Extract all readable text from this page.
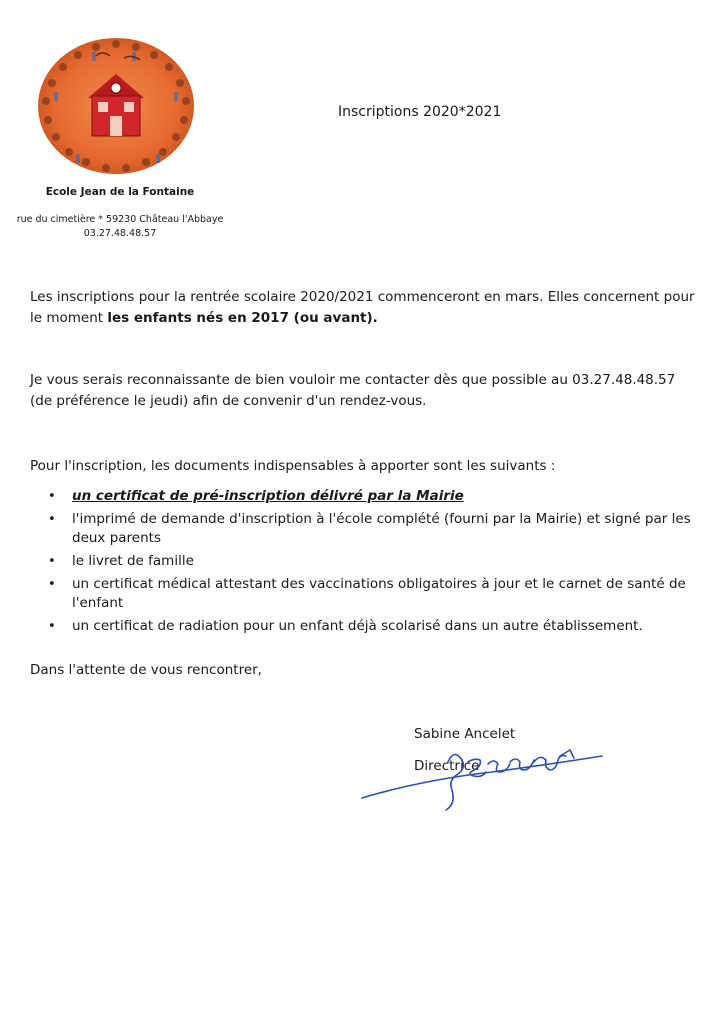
Ecole Jean de la Fontaine
rue du cimetière * 59230 Château l'Abbaye
03.27.48.48.57
Inscriptions 2020*2021

Les inscriptions pour la rentrée scolaire 2020/2021 commenceront en mars. Elles concernent pour le moment les enfants nés en 2017 (ou avant).

Je vous serais reconnaissante de bien vouloir me contacter dès que possible au 03.27.48.48.57 (de préférence le jeudi) afin de convenir d'un rendez-vous.

Pour l'inscription, les documents indispensables à apporter sont les suivants :

• un certificat de pré-inscription délivré par la Mairie
• l'imprimé de demande d'inscription à l'école complété (fourni par la Mairie) et signé par les deux parents
• le livret de famille
• un certificat médical attestant des vaccinations obligatoires à jour et le carnet de santé de l'enfant
• un certificat de radiation pour un enfant déjà scolarisé dans un autre établissement.

Dans l'attente de vous rencontrer,

Sabine Ancelet
Directrice
